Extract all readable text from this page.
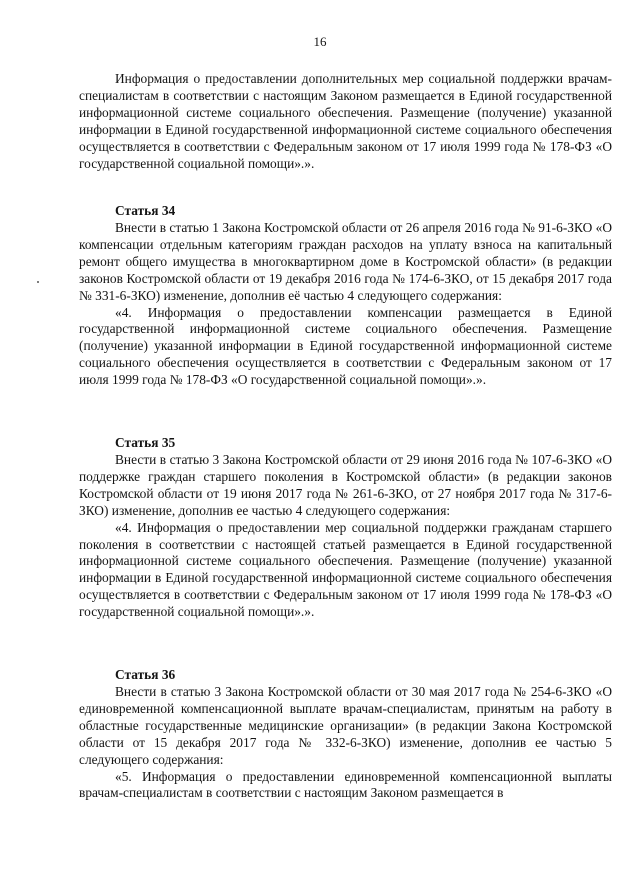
16

Информация о предоставлении дополнительных мер социальной поддержки врачам-специалистам в соответствии с настоящим Законом размещается в Единой государственной информационной системе социального обеспечения. Размещение (получение) указанной информации в Единой государственной информационной системе социального обеспечения осуществляется в соответствии с Федеральным законом от 17 июля 1999 года № 178-ФЗ «О государственной социальной помощи».».

Статья 34

Внести в статью 1 Закона Костромской области от 26 апреля 2016 года № 91-6-ЗКО «О компенсации отдельным категориям граждан расходов на уплату взноса на капитальный ремонт общего имущества в многоквартирном доме в Костромской области» (в редакции законов Костромской области от 19 декабря 2016 года № 174-6-ЗКО, от 15 декабря 2017 года № 331-6-ЗКО) изменение, дополнив её частью 4 следующего содержания:

«4. Информация о предоставлении компенсации размещается в Единой государственной информационной системе социального обеспечения. Размещение (получение) указанной информации в Единой государственной информационной системе социального обеспечения осуществляется в соответствии с Федеральным законом от 17 июля 1999 года № 178-ФЗ «О государственной социальной помощи».».

Статья 35

Внести в статью 3 Закона Костромской области от 29 июня 2016 года № 107-6-ЗКО «О поддержке граждан старшего поколения в Костромской области» (в редакции законов Костромской области от 19 июня 2017 года № 261-6-ЗКО, от 27 ноября 2017 года № 317-6-ЗКО) изменение, дополнив ее частью 4 следующего содержания:

«4. Информация о предоставлении мер социальной поддержки гражданам старшего поколения в соответствии с настоящей статьей размещается в Единой государственной информационной системе социального обеспечения. Размещение (получение) указанной информации в Единой государственной информационной системе социального обеспечения осуществляется в соответствии с Федеральным законом от 17 июля 1999 года № 178-ФЗ «О государственной социальной помощи».».

Статья 36

Внести в статью 3 Закона Костромской области от 30 мая 2017 года № 254-6-ЗКО «О единовременной компенсационной выплате врачам-специалистам, принятым на работу в областные государственные медицинские организации» (в редакции Закона Костромской области от 15 декабря 2017 года № 332-6-ЗКО) изменение, дополнив ее частью 5 следующего содержания:

«5. Информация о предоставлении единовременной компенсационной выплаты врачам-специалистам в соответствии с настоящим Законом размещается в
